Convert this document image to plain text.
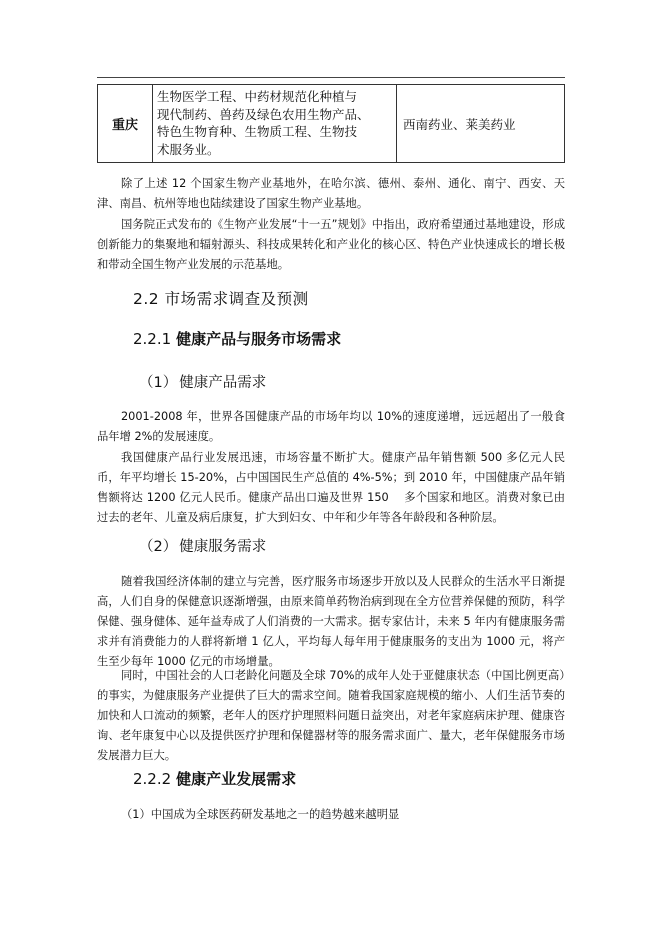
重庆	生物医学工程、中药材规范化种植与
现代制药、兽药及绿色农用生物产品、
特色生物育种、生物质工程、生物技
术服务业。	西南药业、莱美药业

除了上述 12 个国家生物产业基地外，在哈尔滨、德州、泰州、通化、南宁、西安、天津、南昌、杭州等地也陆续建设了国家生物产业基地。

国务院正式发布的《生物产业发展“十一五”规划》中指出，政府希望通过基地建设，形成创新能力的集聚地和辐射源头、科技成果转化和产业化的核心区、特色产业快速成长的增长极和带动全国生物产业发展的示范基地。

2.2 市场需求调查及预测
2.2.1 健康产品与服务市场需求
（1） 健康产品需求

2001-2008 年，世界各国健康产品的市场年均以 10%的速度递增，远远超出了一般食品年增 2%的发展速度。

我国健康产品行业发展迅速，市场容量不断扩大。健康产品年销售额 500 多亿元人民币，年平均增长 15-20%，占中国国民生产总值的 4%-5%；到 2010 年，中国健康产品年销售额将达 1200 亿元人民币。健康产品出口遍及世界 150　 多个国家和地区。消费对象已由过去的老年、儿童及病后康复，扩大到妇女、中年和少年等各年龄段和各种阶层。

（2） 健康服务需求

随着我国经济体制的建立与完善，医疗服务市场逐步开放以及人民群众的生活水平日渐提高，人们自身的保健意识逐渐增强，由原来简单药物治病到现在全方位营养保健的预防，科学保健、强身健体、延年益寿成了人们消费的一大需求。据专家估计，未来 5 年内有健康服务需求并有消费能力的人群将新增 1 亿人，平均每人每年用于健康服务的支出为 1000 元，将产生至少每年 1000 亿元的市场增量。

同时，中国社会的人口老龄化问题及全球 70%的成年人处于亚健康状态（中国比例更高）的事实，为健康服务产业提供了巨大的需求空间。随着我国家庭规模的缩小、人们生活节奏的加快和人口流动的频繁，老年人的医疗护理照料问题日益突出，对老年家庭病床护理、健康咨询、老年康复中心以及提供医疗护理和保健器材等的服务需求面广、量大，老年保健服务市场发展潜力巨大。

2.2.2 健康产业发展需求

（1）中国成为全球医药研发基地之一的趋势越来越明显
